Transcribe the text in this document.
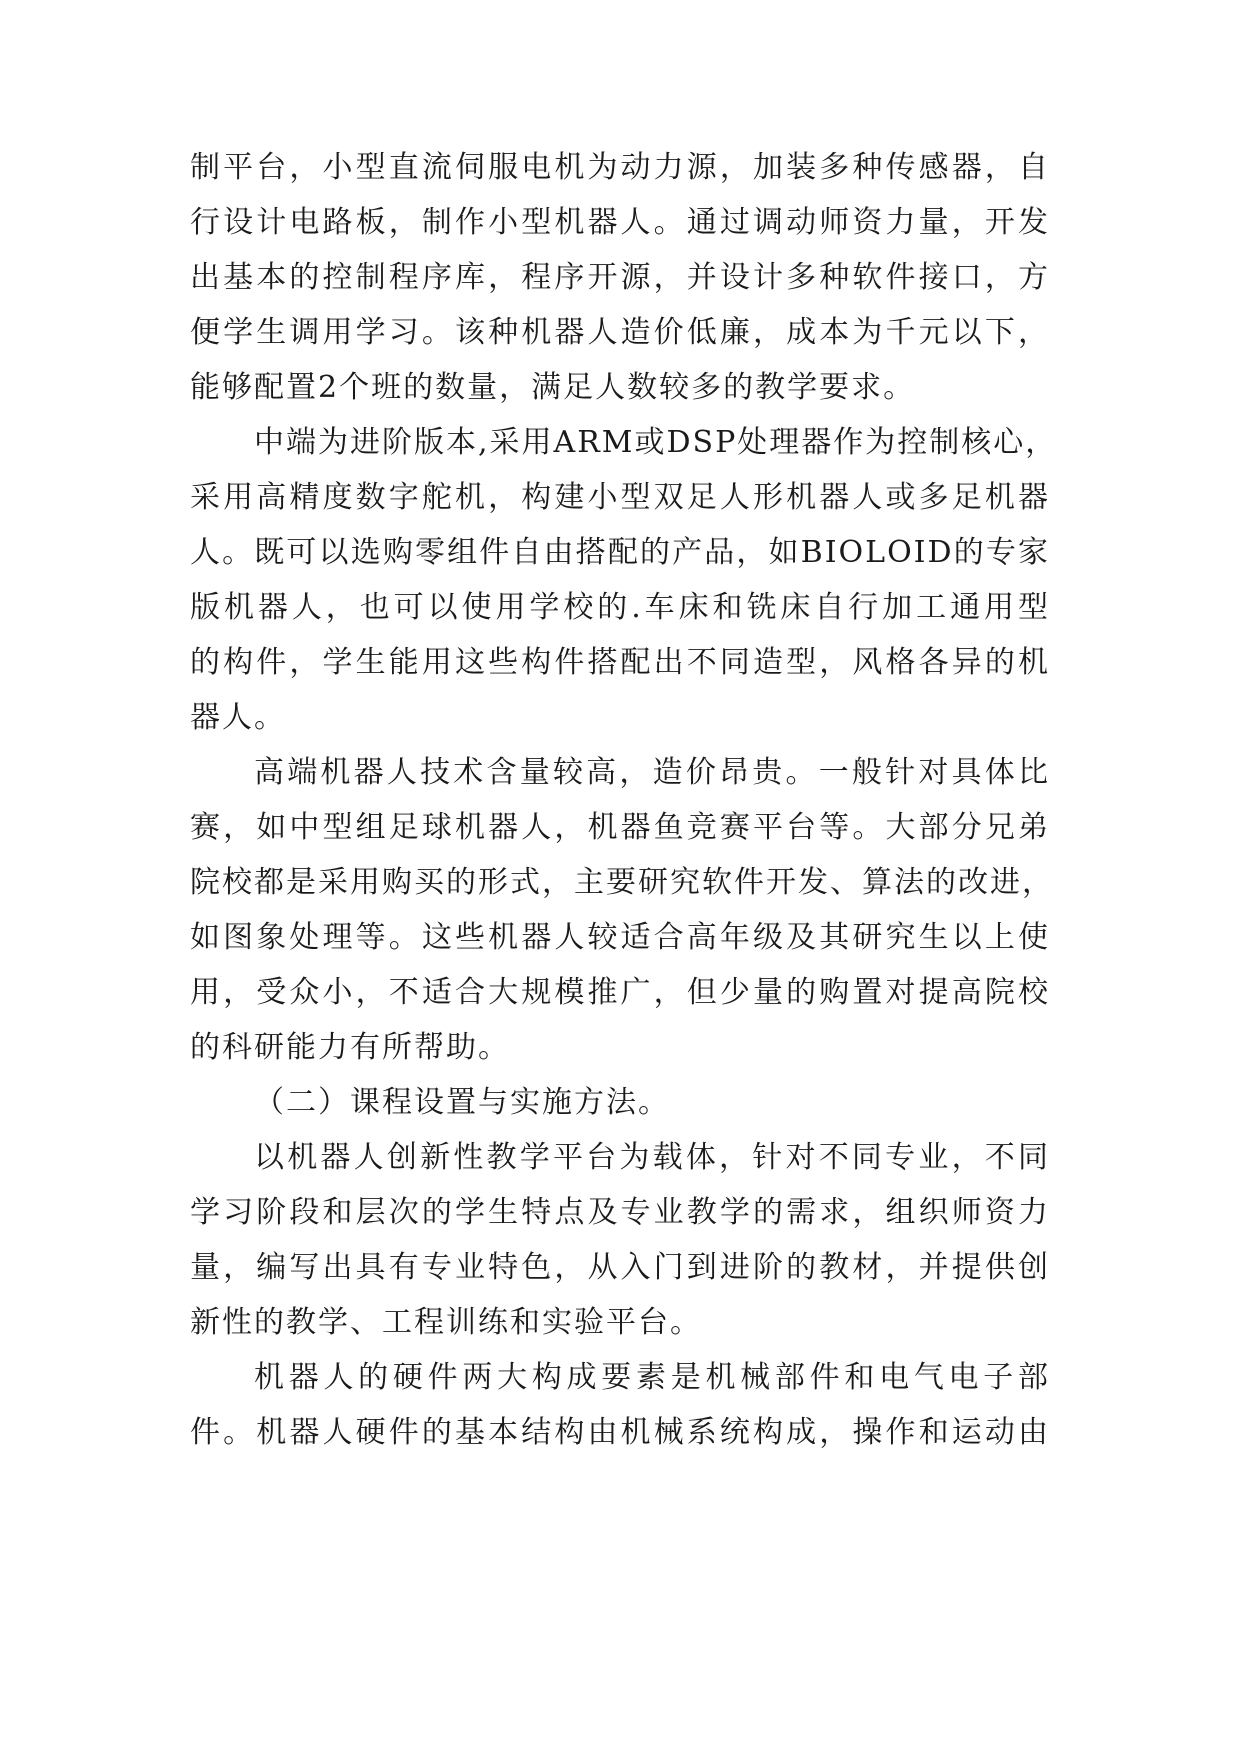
制平台，小型直流伺服电机为动力源，加装多种传感器，自
行设计电路板，制作小型机器人。通过调动师资力量，开发
出基本的控制程序库，程序开源，并设计多种软件接口，方
便学生调用学习。该种机器人造价低廉，成本为千元以下，
能够配置2个班的数量，满足人数较多的教学要求。
中端为进阶版本,采用ARM或DSP处理器作为控制核心，
采用高精度数字舵机，构建小型双足人形机器人或多足机器
人。既可以选购零组件自由搭配的产品，如BIOLOID的专家
版机器人，也可以使用学校的.车床和铣床自行加工通用型
的构件，学生能用这些构件搭配出不同造型，风格各异的机
器人。
高端机器人技术含量较高，造价昂贵。一般针对具体比
赛，如中型组足球机器人，机器鱼竞赛平台等。大部分兄弟
院校都是采用购买的形式，主要研究软件开发、算法的改进，
如图象处理等。这些机器人较适合高年级及其研究生以上使
用，受众小，不适合大规模推广，但少量的购置对提高院校
的科研能力有所帮助。
（二）课程设置与实施方法。
以机器人创新性教学平台为载体，针对不同专业，不同
学习阶段和层次的学生特点及专业教学的需求，组织师资力
量，编写出具有专业特色，从入门到进阶的教材，并提供创
新性的教学、工程训练和实验平台。
机器人的硬件两大构成要素是机械部件和电气电子部
件。机器人硬件的基本结构由机械系统构成，操作和运动由
